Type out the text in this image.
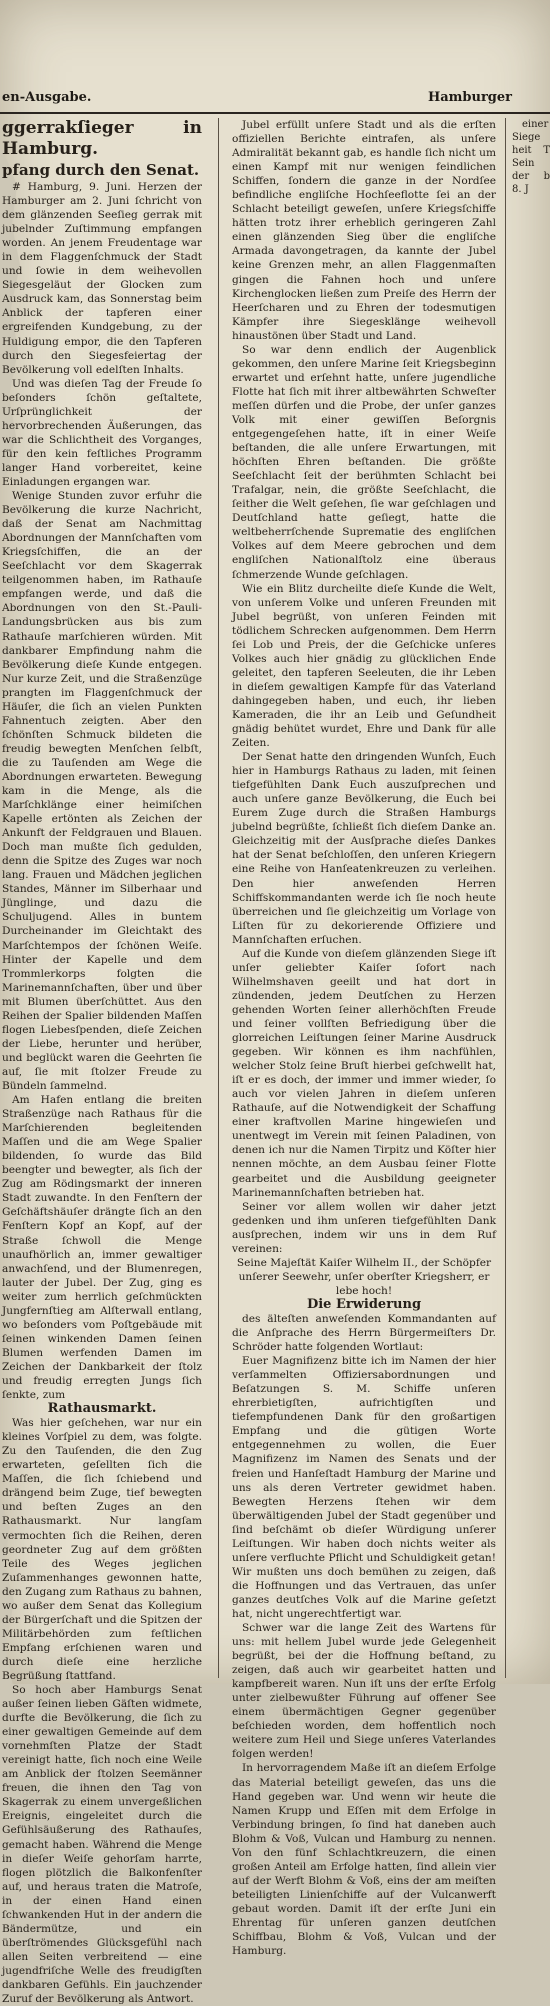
en-Ausgabe.	Hamburger

ggerrakſieger in Hamburg.

pfang durch den Senat.

# Hamburg, 9. Juni. Herzen der Hamburger am 2. Juni ſchricht von dem glänzenden Seeſieg gerrak mit jubelnder Zuſtimmung empfangen worden. An jenem Freudentage war in dem Flaggenſchmuck der Stadt und ſowie in dem weihevollen Siegesgeläut der Glocken zum Ausdruck kam, das Sonnerstag beim Anblick der tapferen einer ergreifenden Kundgebung, zu der Huldigung empor, die den Tapferen durch den Siegesfeiertag der Bevölkerung voll edelſten Inhalts.

Und was dieſen Tag der Freude ſo beſonders ſchön geſtaltete, Urſprünglichkeit der hervorbrechenden Äußerungen, das war die Schlichtheit des Vorganges, für den kein feſtliches Programm langer Hand vorbereitet, keine Einladungen ergangen war.

Wenige Stunden zuvor erfuhr die Bevölkerung die kurze Nachricht, daß der Senat am Nachmittag Abordnungen der Mannſchaften vom Kriegsſchiffen, die an der Seeſchlacht vor dem Skagerrak teilgenommen haben, im Rathauſe empfangen werde, und daß die Abordnungen von den St.-Pauli-Landungsbrücken aus bis zum Rathauſe marſchieren würden. Mit dankbarer Empfindung nahm die Bevölkerung dieſe Kunde entgegen. Nur kurze Zeit, und die Straßenzüge prangten im Flaggenſchmuck der Häuſer, die ſich an vielen Punkten Fahnentuch zeigten. Aber den ſchönſten Schmuck bildeten die freudig bewegten Menſchen ſelbſt, die zu Tauſenden am Wege die Abordnungen erwarteten. Bewegung kam in die Menge, als die Marſchklänge einer heimiſchen Kapelle ertönten als Zeichen der Ankunft der Feldgrauen und Blauen. Doch man mußte ſich gedulden, denn die Spitze des Zuges war noch lang. Frauen und Mädchen jeglichen Standes, Männer im Silberhaar und Jünglinge, und dazu die Schuljugend. Alles in buntem Durcheinander im Gleichtakt des Marſchtempos der ſchönen Weiſe. Hinter der Kapelle und dem Trommlerkorps folgten die Marinemannſchaften, über und über mit Blumen überſchüttet. Aus den Reihen der Spalier bildenden Maſſen flogen Liebesſpenden, dieſe Zeichen der Liebe, herunter und herüber, und beglückt waren die Geehrten ſie auf, ſie mit ſtolzer Freude zu Bündeln ſammelnd.

Am Hafen entlang die breiten Straßenzüge nach Rathaus für die Marſchierenden begleitenden Maſſen und die am Wege Spalier bildenden, ſo wurde das Bild beengter und bewegter, als ſich der Zug am Rödingsmarkt der inneren Stadt zuwandte. In den Fenſtern der Geſchäftshäuſer drängte ſich an den Fenſtern Kopf an Kopf, auf der Straße ſchwoll die Menge unaufhörlich an, immer gewaltiger anwachſend, und der Blumenregen, lauter der Jubel. Der Zug, ging es weiter zum herrlich geſchmückten Jungfernſtieg am Alſterwall entlang, wo beſonders vom Poſtgebäude mit ſeinen winkenden Damen ſeinen Blumen werfenden Damen im Zeichen der Dankbarkeit der ſtolz und freudig erregten Jungs ſich ſenkte, zum

Rathausmarkt.

Was hier geſchehen, war nur ein kleines Vorſpiel zu dem, was folgte. Zu den Tauſenden, die den Zug erwarteten, geſellten ſich die Maſſen, die ſich ſchiebend und drängend beim Zuge, tief bewegten und beſten Zuges an den Rathausmarkt. Nur langſam vermochten ſich die Reihen, deren geordneter Zug auf dem größten Teile des Weges jeglichen Zuſammenhanges gewonnen hatte, den Zugang zum Rathaus zu bahnen, wo außer dem Senat das Kollegium der Bürgerſchaft und die Spitzen der Militärbehörden zum feſtlichen Empfang erſchienen waren und durch dieſe eine herzliche Begrüßung ſtattfand.

So hoch aber Hamburgs Senat außer ſeinen lieben Gäſten widmete, durfte die Bevölkerung, die ſich zu einer gewaltigen Gemeinde auf dem vornehmſten Platze der Stadt vereinigt hatte, ſich noch eine Weile am Anblick der ſtolzen Seemänner freuen, die ihnen den Tag von Skagerrak zu einem unvergeßlichen Ereignis, eingeleitet durch die Gefühlsäußerung des Rathauſes, gemacht haben. Während die Menge in dieſer Weiſe gehorſam harrte, flogen plötzlich die Balkonfenſter auf, und heraus traten die Matroſe, in der einen Hand einen ſchwankenden Hut in der andern die Bändermütze, und ein überſtrömendes Glücksgefühl nach allen Seiten verbreitend — eine jugendfriſche Welle des freudigſten dankbaren Gefühls. Ein jauchzender Zuruf der Bevölkerung als Antwort.

Jubel erfüllt unſere Stadt und als die erſten offiziellen Berichte eintrafen, als unſere Admiralität bekannt gab, es handle ſich nicht um einen Kampf mit nur wenigen feindlichen Schiffen, ſondern die ganze in der Nordſee befindliche engliſche Hochſeeflotte ſei an der Schlacht beteiligt geweſen, unſere Kriegsſchiffe hätten trotz ihrer erheblich geringeren Zahl einen glänzenden Sieg über die engliſche Armada davongetragen, da kannte der Jubel keine Grenzen mehr, an allen Flaggenmaſten gingen die Fahnen hoch und unſere Kirchenglocken ließen zum Preiſe des Herrn der Heerſcharen und zu Ehren der todesmutigen Kämpfer ihre Siegesklänge weihevoll hinaustönen über Stadt und Land.

So war denn endlich der Augenblick gekommen, den unſere Marine ſeit Kriegsbeginn erwartet und erſehnt hatte, unſere jugendliche Flotte hat ſich mit ihrer altbewährten Schweſter meſſen dürfen und die Probe, der unſer ganzes Volk mit einer gewiſſen Beſorgnis entgegengeſehen hatte, iſt in einer Weiſe beſtanden, die alle unſere Erwartungen, mit höchſten Ehren beſtanden. Die größte Seeſchlacht ſeit der berühmten Schlacht bei Trafalgar, nein, die größte Seeſchlacht, die ſeither die Welt geſehen, ſie war geſchlagen und Deutſchland hatte geſiegt, hatte die weltbeherrſchende Suprematie des engliſchen Volkes auf dem Meere gebrochen und dem engliſchen Nationalſtolz eine überaus ſchmerzende Wunde geſchlagen.

Wie ein Blitz durcheilte dieſe Kunde die Welt, von unſerem Volke und unſeren Freunden mit Jubel begrüßt, von unſeren Feinden mit tödlichem Schrecken aufgenommen. Dem Herrn ſei Lob und Preis, der die Geſchicke unſeres Volkes auch hier gnädig zu glücklichen Ende geleitet, den tapferen Seeleuten, die ihr Leben in dieſem gewaltigen Kampfe für das Vaterland dahingegeben haben, und euch, ihr lieben Kameraden, die ihr an Leib und Geſundheit gnädig behütet wurdet, Ehre und Dank für alle Zeiten.

Der Senat hatte den dringenden Wunſch, Euch hier in Hamburgs Rathaus zu laden, mit ſeinen tiefgefühlten Dank Euch auszuſprechen und auch unſere ganze Bevölkerung, die Euch bei Eurem Zuge durch die Straßen Hamburgs jubelnd begrüßte, ſchließt ſich dieſem Danke an. Gleichzeitig mit der Ausſprache dieſes Dankes hat der Senat beſchloſſen, den unſeren Kriegern eine Reihe von Hanſeatenkreuzen zu verleihen. Den hier anweſenden Herren Schiffskommandanten werde ich ſie noch heute überreichen und ſie gleichzeitig um Vorlage von Liſten für zu dekorierende Offiziere und Mannſchaften erſuchen.

Auf die Kunde von dieſem glänzenden Siege iſt unſer geliebter Kaiſer ſofort nach Wilhelmshaven geeilt und hat dort in zündenden, jedem Deutſchen zu Herzen gehenden Worten ſeiner allerhöchſten Freude und ſeiner vollſten Befriedigung über die glorreichen Leiſtungen ſeiner Marine Ausdruck gegeben. Wir können es ihm nachfühlen, welcher Stolz ſeine Bruſt hierbei geſchwellt hat, iſt er es doch, der immer und immer wieder, ſo auch vor vielen Jahren in dieſem unſeren Rathauſe, auf die Notwendigkeit der Schaffung einer kraftvollen Marine hingewieſen und unentwegt im Verein mit ſeinen Paladinen, von denen ich nur die Namen Tirpitz und Köſter hier nennen möchte, an dem Ausbau ſeiner Flotte gearbeitet und die Ausbildung geeigneter Marinemannſchaften betrieben hat.

Seiner vor allem wollen wir daher jetzt gedenken und ihm unſeren tiefgefühlten Dank ausſprechen, indem wir uns in dem Ruf vereinen:

Seine Majeſtät Kaiſer Wilhelm II., der Schöpfer unſerer Seewehr, unſer oberſter Kriegsherr, er lebe hoch!

Die Erwiderung

des älteſten anweſenden Kommandanten auf die Anſprache des Herrn Bürgermeiſters Dr. Schröder hatte folgenden Wortlaut:

Euer Magnifizenz bitte ich im Namen der hier verſammelten Offiziersabordnungen und Beſatzungen S. M. Schiffe unſeren ehrerbietigſten, aufrichtigſten und tiefempfundenen Dank für den großartigen Empfang und die gütigen Worte entgegennehmen zu wollen, die Euer Magnifizenz im Namen des Senats und der freien und Hanſeſtadt Hamburg der Marine und uns als deren Vertreter gewidmet haben. Bewegten Herzens ſtehen wir dem überwältigenden Jubel der Stadt gegenüber und ſind beſchämt ob dieſer Würdigung unſerer Leiſtungen. Wir haben doch nichts weiter als unſere verfluchte Pflicht und Schuldigkeit getan! Wir mußten uns doch bemühen zu zeigen, daß die Hoffnungen und das Vertrauen, das unſer ganzes deutſches Volk auf die Marine geſetzt hat, nicht ungerechtfertigt war.

Schwer war die lange Zeit des Wartens für uns: mit hellem Jubel wurde jede Gelegenheit begrüßt, bei der die Hoffnung beſtand, zu zeigen, daß auch wir gearbeitet hatten und kampfbereit waren. Nun iſt uns der erſte Erfolg unter zielbewußter Führung auf offener See einem übermächtigen Gegner gegenüber beſchieden worden, dem hoffentlich noch weitere zum Heil und Siege unſeres Vaterlandes folgen werden!

In hervorragendem Maße iſt an dieſem Erfolge das Material beteiligt geweſen, das uns die Hand gegeben war. Und wenn wir heute die Namen Krupp und Eſſen mit dem Erfolge in Verbindung bringen, ſo ſind hat daneben auch Blohm & Voß, Vulcan und Hamburg zu nennen. Von den fünf Schlachtkreuzern, die einen großen Anteil am Erfolge hatten, ſind allein vier auf der Werft Blohm & Voß, eins der am meiſten beteiligten Linienſchiffe auf der Vulcanwerft gebaut worden. Damit iſt der erſte Juni ein Ehrentag für unſeren ganzen deutſchen Schiffbau, Blohm & Voß, Vulcan und der Hamburg.

einer Siege heit T Sein der b 8. J
